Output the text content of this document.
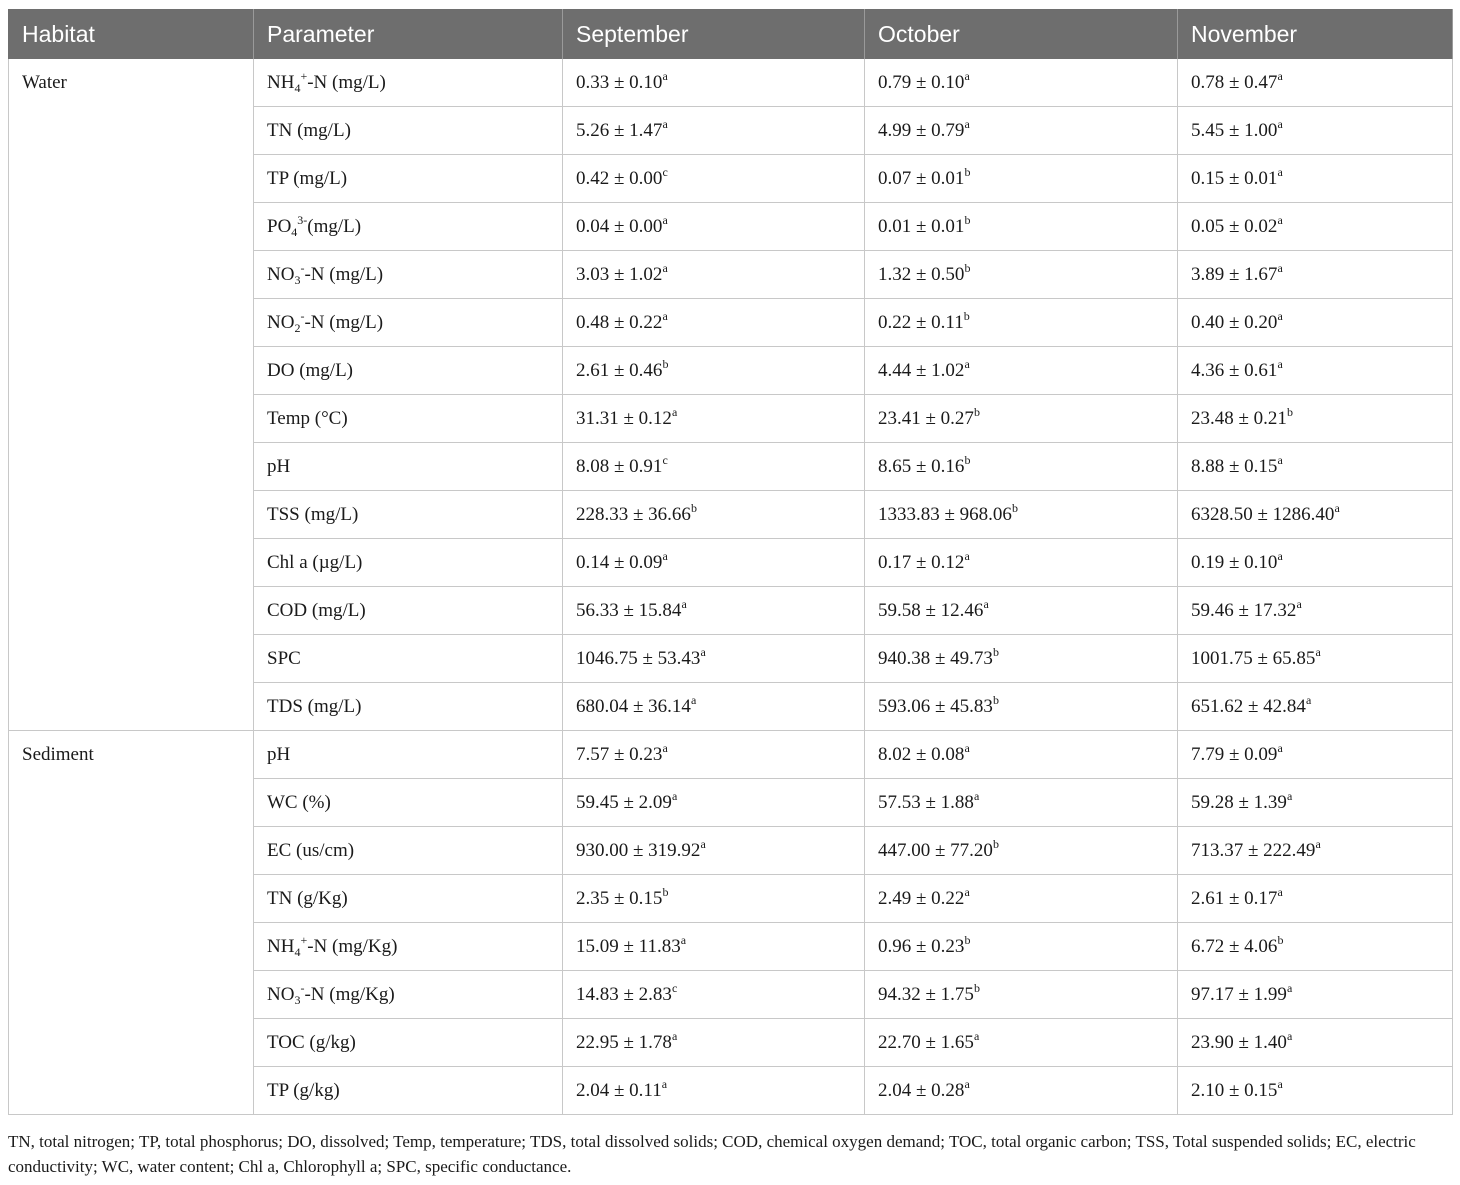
Habitat	Parameter	September	October	November
Water	$NH_4^+-N$ (mg/L)	0.33 ± 0.10$^a$	0.79 ± 0.10$^a$	0.78 ± 0.47$^a$
	TN (mg/L)	5.26 ± 1.47$^a$	4.99 ± 0.79$^a$	5.45 ± 1.00$^a$
	TP (mg/L)	0.42 ± 0.00$^c$	0.07 ± 0.01$^b$	0.15 ± 0.01$^a$
	$PO_4^{3-}(mg/L)$	0.04 ± 0.00$^a$	0.01 ± 0.01$^b$	0.05 ± 0.02$^a$
	$NO_3^--N$ (mg/L)	3.03 ± 1.02$^a$	1.32 ± 0.50$^b$	3.89 ± 1.67$^a$
	$NO_2^--N$ (mg/L)	0.48 ± 0.22$^a$	0.22 ± 0.11$^b$	0.40 ± 0.20$^a$
	DO (mg/L)	2.61 ± 0.46$^b$	4.44 ± 1.02$^a$	4.36 ± 0.61$^a$
	Temp (°C)	31.31 ± 0.12$^a$	23.41 ± 0.27$^b$	23.48 ± 0.21$^b$
	pH	8.08 ± 0.91$^c$	8.65 ± 0.16$^b$	8.88 ± 0.15$^a$
	TSS (mg/L)	228.33 ± 36.66$^b$	1333.83 ± 968.06$^b$	6328.50 ± 1286.40$^a$
	Chl a (µg/L)	0.14 ± 0.09$^a$	0.17 ± 0.12$^a$	0.19 ± 0.10$^a$
	COD (mg/L)	56.33 ± 15.84$^a$	59.58 ± 12.46$^a$	59.46 ± 17.32$^a$
	SPC	1046.75 ± 53.43$^a$	940.38 ± 49.73$^b$	1001.75 ± 65.85$^a$
	TDS (mg/L)	680.04 ± 36.14$^a$	593.06 ± 45.83$^b$	651.62 ± 42.84$^a$
Sediment	pH	7.57 ± 0.23$^a$	8.02 ± 0.08$^a$	7.79 ± 0.09$^a$
	WC (%)	59.45 ± 2.09$^a$	57.53 ± 1.88$^a$	59.28 ± 1.39$^a$
	EC (us/cm)	930.00 ± 319.92$^a$	447.00 ± 77.20$^b$	713.37 ± 222.49$^a$
	TN (g/Kg)	2.35 ± 0.15$^b$	2.49 ± 0.22$^a$	2.61 ± 0.17$^a$
	$NH_4^+-N$ (mg/Kg)	15.09 ± 11.83$^a$	0.96 ± 0.23$^b$	6.72 ± 4.06$^b$
	$NO_3^--N$ (mg/Kg)	14.83 ± 2.83$^c$	94.32 ± 1.75$^b$	97.17 ± 1.99$^a$
	TOC (g/kg)	22.95 ± 1.78$^a$	22.70 ± 1.65$^a$	23.90 ± 1.40$^a$
	TP (g/kg)	2.04 ± 0.11$^a$	2.04 ± 0.28$^a$	2.10 ± 0.15$^a$

TN, total nitrogen; TP, total phosphorus; DO, dissolved; Temp, temperature; TDS, total dissolved solids; COD, chemical oxygen demand; TOC, total organic carbon; TSS, Total suspended solids; EC, electric conductivity; WC, water content; Chl a, Chlorophyll a; SPC, specific conductance.
